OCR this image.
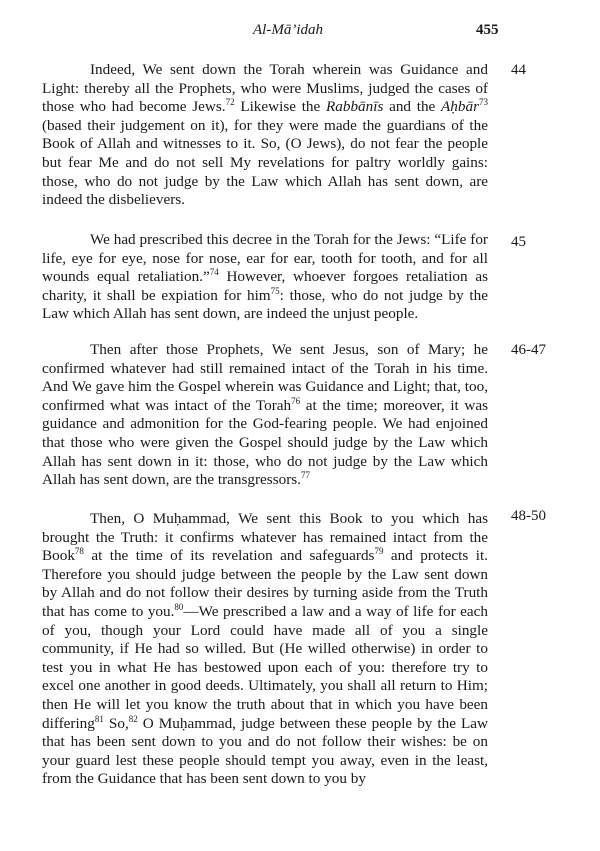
Al-Mā’idah	455

Indeed, We sent down the Torah wherein was Guidance and Light: thereby all the Prophets, who were Muslims, judged the cases of those who had become Jews.$^{72}$ Likewise the Rabbānīs and the Aḥbār$^{73}$ (based their judgement on it), for they were made the guardians of the Book of Allah and witnesses to it. So, (O Jews), do not fear the people but fear Me and do not sell My revelations for paltry worldly gains: those, who do not judge by the Law which Allah has sent down, are indeed the disbelievers.

44

We had prescribed this decree in the Torah for the Jews: “Life for life, eye for eye, nose for nose, ear for ear, tooth for tooth, and for all wounds equal retaliation.”$^{74}$ However, whoever forgoes retaliation as charity, it shall be expiation for him$^{75}$: those, who do not judge by the Law which Allah has sent down, are indeed the unjust people.

45

Then after those Prophets, We sent Jesus, son of Mary; he confirmed whatever had still remained intact of the Torah in his time. And We gave him the Gospel wherein was Guidance and Light; that, too, confirmed what was intact of the Torah$^{76}$ at the time; moreover, it was guidance and admonition for the God-fearing people. We had enjoined that those who were given the Gospel should judge by the Law which Allah has sent down in it: those, who do not judge by the Law which Allah has sent down, are the transgressors.$^{77}$

46-47

Then, O Muḥammad, We sent this Book to you which has brought the Truth: it confirms whatever has remained intact from the Book$^{78}$ at the time of its revelation and safeguards$^{79}$ and protects it. Therefore you should judge between the people by the Law sent down by Allah and do not follow their desires by turning aside from the Truth that has come to you.$^{80}$—We prescribed a law and a way of life for each of you, though your Lord could have made all of you a single community, if He had so willed. But (He willed otherwise) in order to test you in what He has bestowed upon each of you: therefore try to excel one another in good deeds. Ultimately, you shall all return to Him; then He will let you know the truth about that in which you have been differing$^{81}$ So,$^{82}$ O Muḥammad, judge between these people by the Law that has been sent down to you and do not follow their wishes: be on your guard lest these people should tempt you away, even in the least, from the Guidance that has been sent down to you by

48-50
